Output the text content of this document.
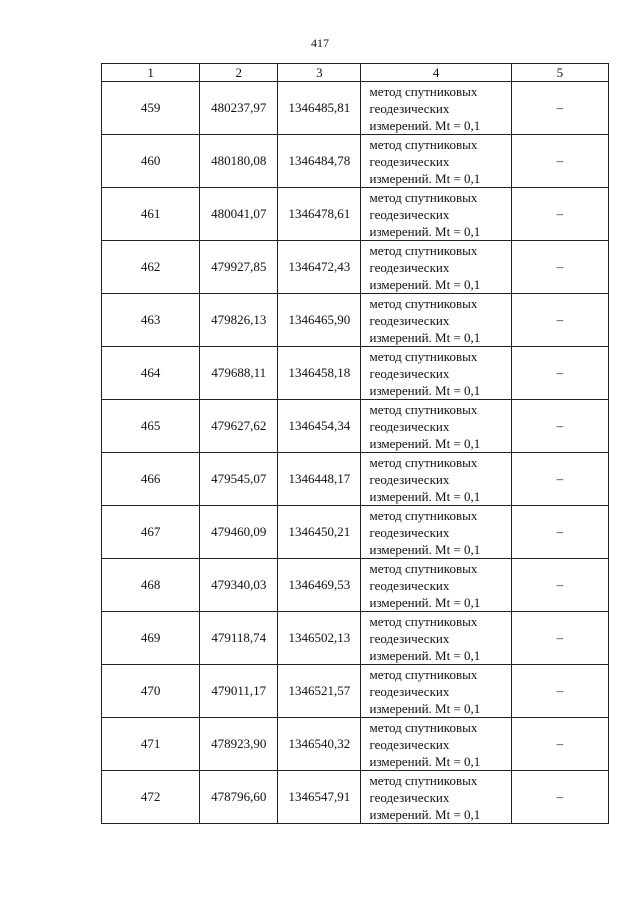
417
1	2	3	4	5
459	480237,97	1346485,81	метод спутниковых геодезических измерений. Mt = 0,1	–
460	480180,08	1346484,78	метод спутниковых геодезических измерений. Mt = 0,1	–
461	480041,07	1346478,61	метод спутниковых геодезических измерений. Mt = 0,1	–
462	479927,85	1346472,43	метод спутниковых геодезических измерений. Mt = 0,1	–
463	479826,13	1346465,90	метод спутниковых геодезических измерений. Mt = 0,1	–
464	479688,11	1346458,18	метод спутниковых геодезических измерений. Mt = 0,1	–
465	479627,62	1346454,34	метод спутниковых геодезических измерений. Mt = 0,1	–
466	479545,07	1346448,17	метод спутниковых геодезических измерений. Mt = 0,1	–
467	479460,09	1346450,21	метод спутниковых геодезических измерений. Mt = 0,1	–
468	479340,03	1346469,53	метод спутниковых геодезических измерений. Mt = 0,1	–
469	479118,74	1346502,13	метод спутниковых геодезических измерений. Mt = 0,1	–
470	479011,17	1346521,57	метод спутниковых геодезических измерений. Mt = 0,1	–
471	478923,90	1346540,32	метод спутниковых геодезических измерений. Mt = 0,1	–
472	478796,60	1346547,91	метод спутниковых геодезических измерений. Mt = 0,1	–
